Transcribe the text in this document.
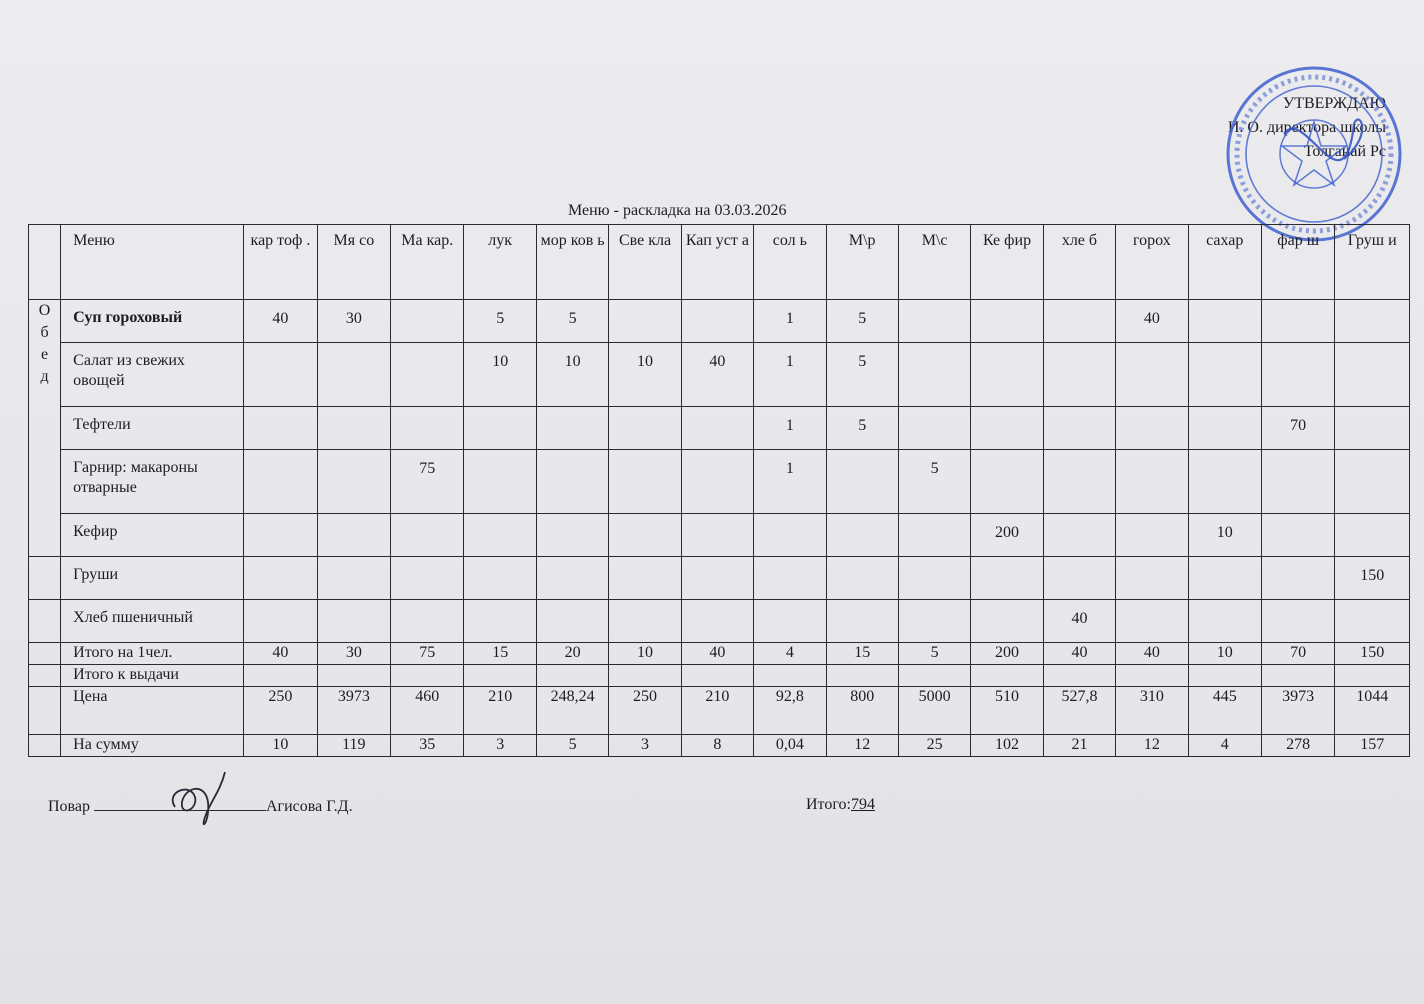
УТВЕРЖДАЮ
И. О. директора школы
Толганай Рс
Меню - раскладка на 03.03.2026
	Меню	кар тоф .	Мя со	Ма кар.	лук	мор ков ь	Све кла	Кап уст а	сол ь	М\р	М\с	Ке фир	хле б	горох	сахар	фар ш	Груш и

О
б
е
д	Суп гороховый	40	30		5	5			1	5				40			
	Салат из свежих овощей				10	10	10	40	1	5							
	Тефтели								1	5						70	
	Гарнир: макароны отварные			75					1		5						
	Кефир											200			10		
	Груши																150
	Хлеб пшеничный												40				
	Итого на 1чел.	40	30	75	15	20	10	40	4	15	5	200	40	40	10	70	150
	Итого к выдачи																
	Цена	250	3973	460	210	248,24	250	210	92,8	800	5000	510	527,8	310	445	3973	1044
	На сумму	10	119	35	3	5	3	8	0,04	12	25	102	21	12	4	278	157
Повар	Агисова Г.Д.	Итого:794
